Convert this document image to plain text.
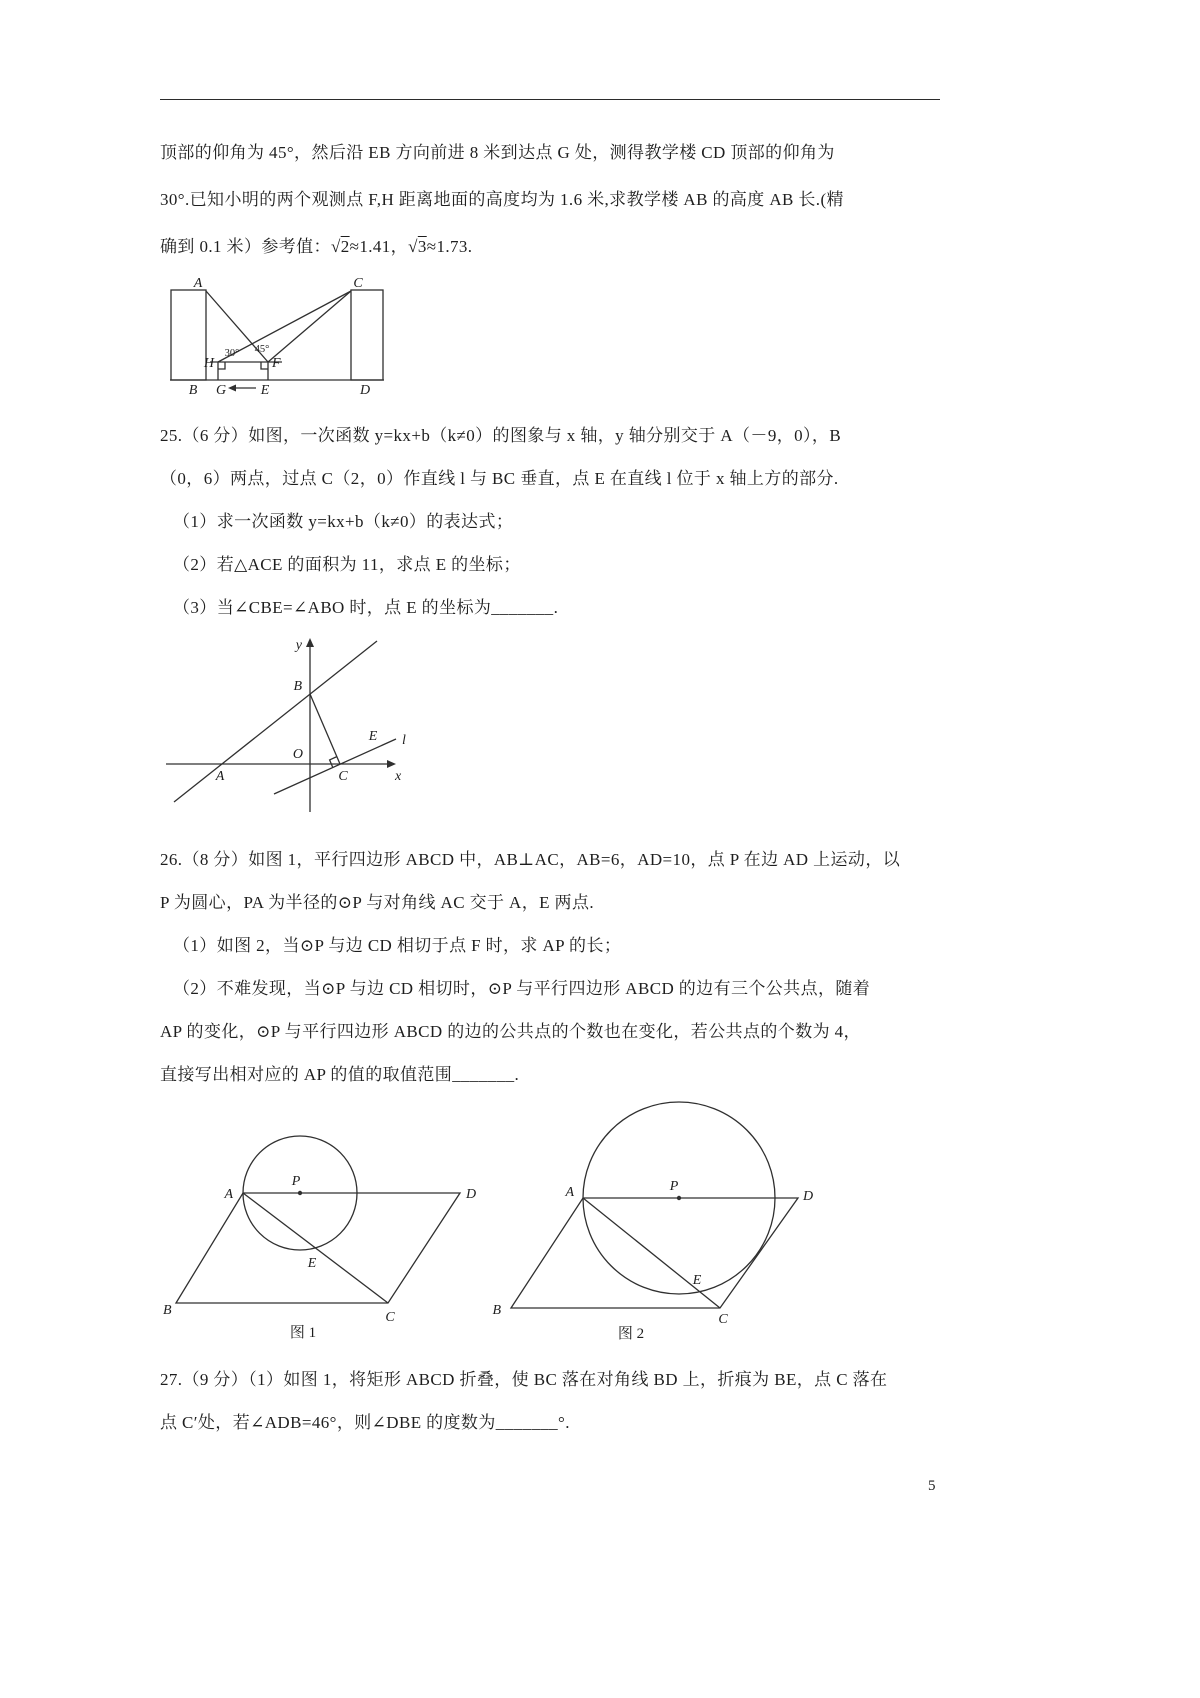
顶部的仰角为 45°，然后沿 EB 方向前进 8 米到达点 G 处，测得教学楼 CD 顶部的仰角为
30°.已知小明的两个观测点 F,H 距离地面的高度均为 1.6 米,求教学楼 AB 的高度 AB 长.(精
确到 0.1 米）参考值：√2≈1.41，√3≈1.73.
A	C
H	F
30° 45°
B G E	D
25.（6 分）如图，一次函数 y=kx+b（k≠0）的图象与 x 轴，y 轴分别交于 A（－9，0），B
（0，6）两点，过点 C（2，0）作直线 l 与 BC 垂直，点 E 在直线 l 位于 x 轴上方的部分.
（1）求一次函数 y=kx+b（k≠0）的表达式；
（2）若△ACE 的面积为 11，求点 E 的坐标；
（3）当∠CBE=∠ABO 时，点 E 的坐标为_______.
y
x
O
B
A	C
E l
26.（8 分）如图 1，平行四边形 ABCD 中，AB⊥AC，AB=6，AD=10，点 P 在边 AD 上运动，以
P 为圆心，PA 为半径的⊙P 与对角线 AC 交于 A，E 两点.
（1）如图 2，当⊙P 与边 CD 相切于点 F 时，求 AP 的长；
（2）不难发现，当⊙P 与边 CD 相切时，⊙P 与平行四边形 ABCD 的边有三个公共点，随着
AP 的变化，⊙P 与平行四边形 ABCD 的边的公共点的个数也在变化，若公共点的个数为 4，
直接写出相对应的 AP 的值的取值范围_______.
A	D
B	C
P
E
图 1
A	D
B
C
P
E
图 2
27.（9 分）（1）如图 1，将矩形 ABCD 折叠，使 BC 落在对角线 BD 上，折痕为 BE，点 C 落在
点 C′处，若∠ADB=46°，则∠DBE 的度数为_______°.
5
